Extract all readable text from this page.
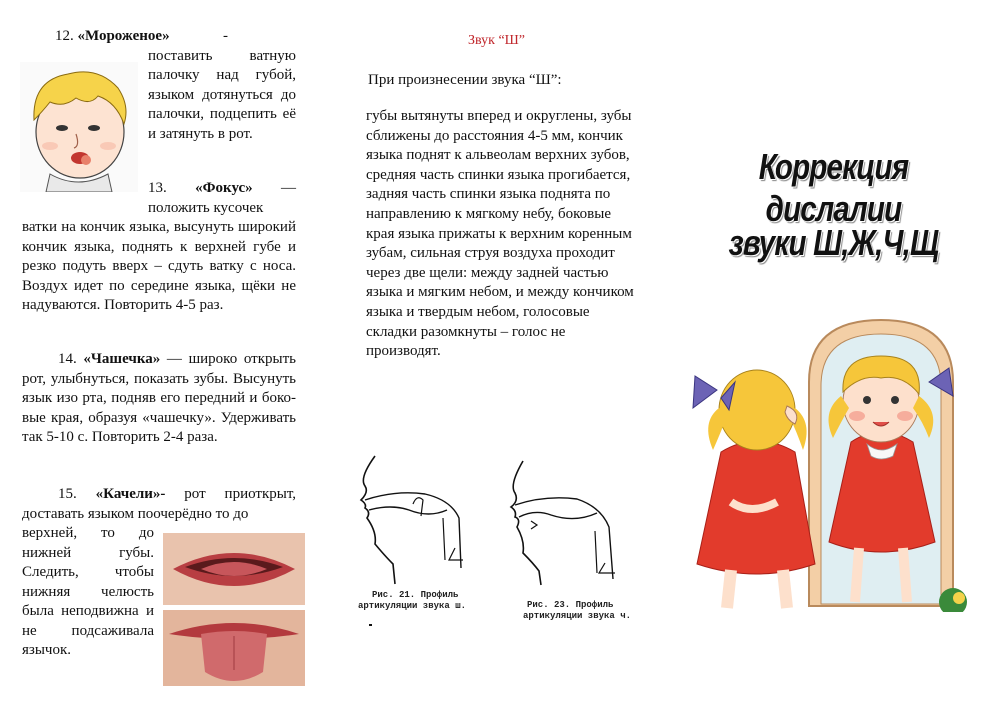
12. «Мороженое»	- поставить ватную палочку над губой, языком дотянуться до палочки, подцепить её и затянуть в рот.
13. «Фокус» — положить кусочек
ватки на кончик языка, высунуть широкий кончик языка, поднять к верхней губе и резко подуть вверх – сдуть ватку с носа. Воздух идет по середине языка, щёки не надуваются. Повторить 4-5 раз.
14. «Чашечка» — широко открыть рот, улыбнуться, показать зубы. Высунуть язык изо рта, подняв его передний и боко-вые края, образуя «чашечку». Удерживать так 5-10 с. Повторить 2-4 раза.
15. «Качели»- рот приоткрыт, доставать языком поочерёдно то до
верхней, то до нижней губы. Следить, чтобы нижняя челюсть была неподвижна и не подсаживала язычок.
Звук “Ш”
При произнесении звука “Ш”:
губы вытянуты вперед и округлены, зубы сближены до расстояния 4-5 мм, кончик языка поднят к альвеолам верхних зубов, средняя часть спинки языка прогибается, задняя часть спинки языка поднята по направлению к мягкому небу, боковые края языка прижаты к верхним коренным зубам, сильная струя воздуха проходит через две щели: между задней частью языка и мягким небом, и между кончиком языка и твердым небом, голосовые складки разомкнуты – голос не производят.
Рис. 21. Профиль
артикуляции звука ш.	Рис. 23. Профиль
артикуляции звука ч.
Коррекция дислалии
звуки Ш,Ж,Ч,Щ
